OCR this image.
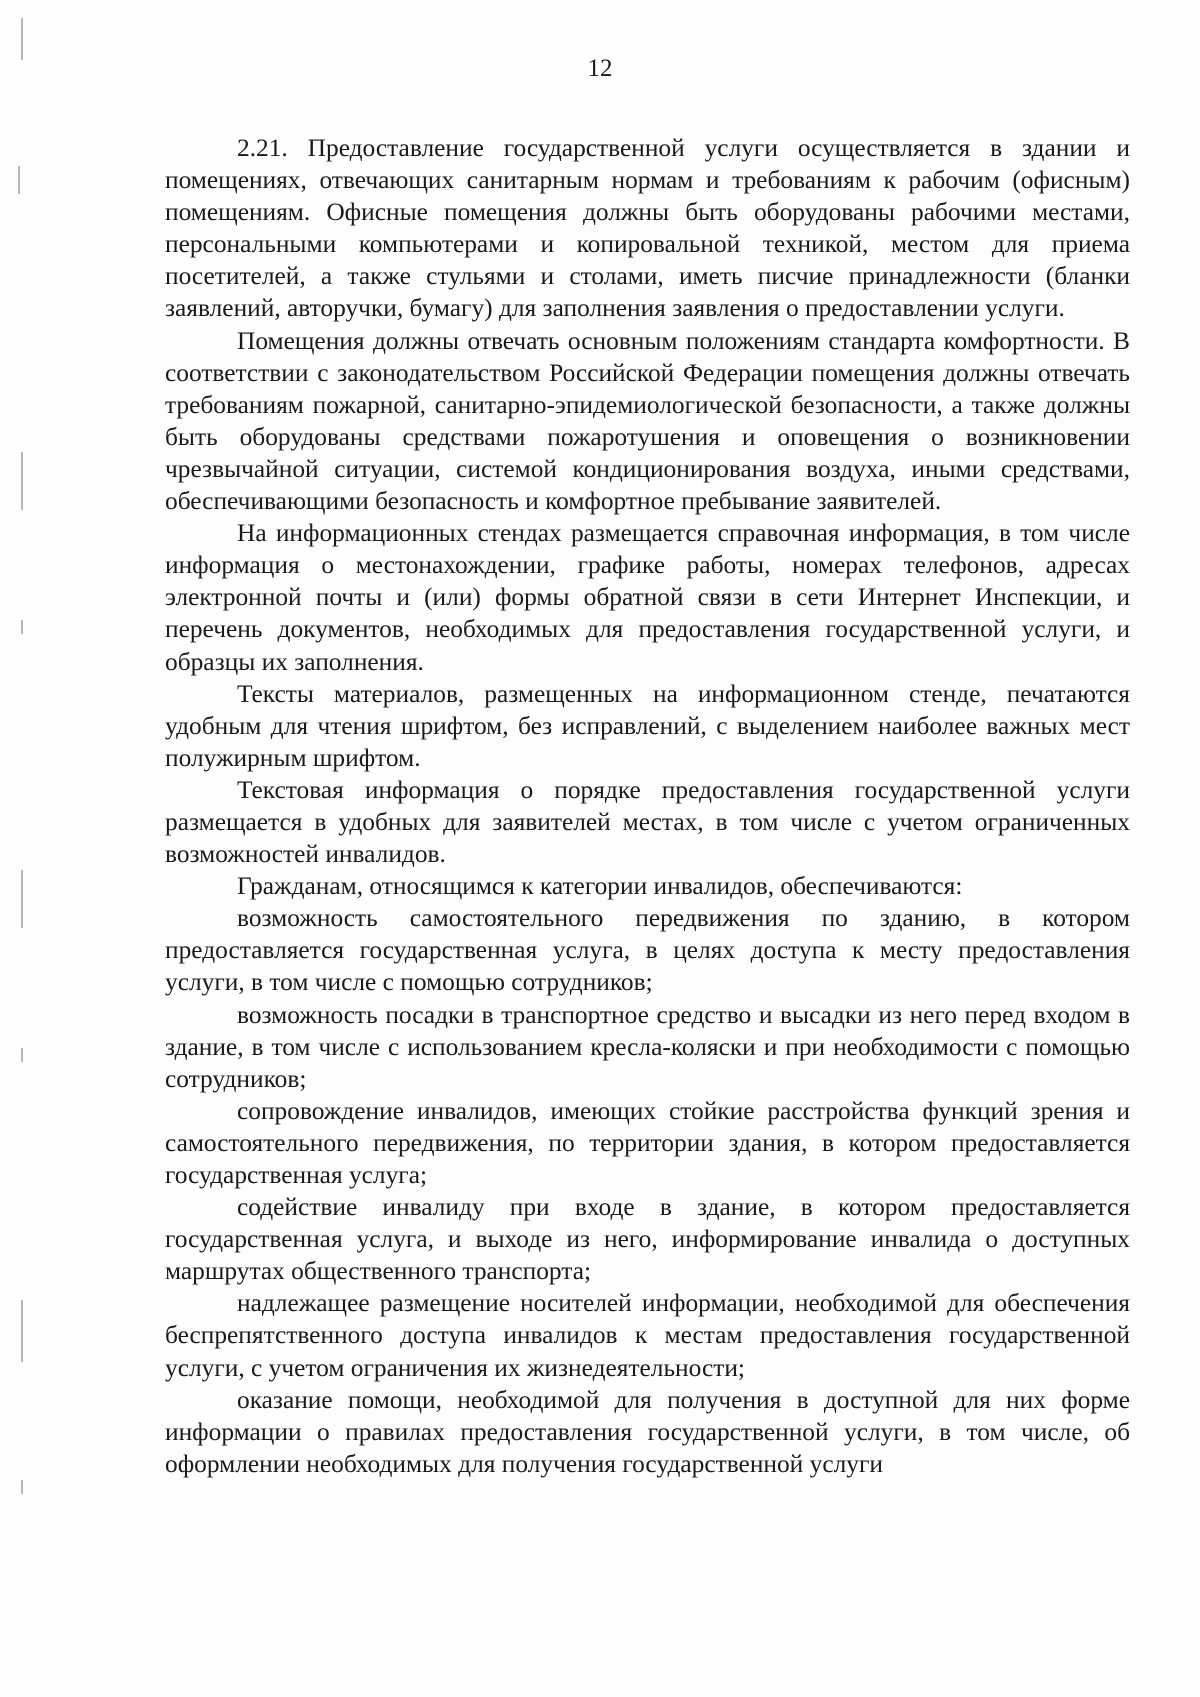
12

2.21. Предоставление государственной услуги осуществляется в здании и помещениях, отвечающих санитарным нормам и требованиям к рабочим (офисным) помещениям. Офисные помещения должны быть оборудованы рабочими местами, персональными компьютерами и копировальной техникой, местом для приема посетителей, а также стульями и столами, иметь писчие принадлежности (бланки заявлений, авторучки, бумагу) для заполнения заявления о предоставлении услуги.

Помещения должны отвечать основным положениям стандарта комфортности. В соответствии с законодательством Российской Федерации помещения должны отвечать требованиям пожарной, санитарно-эпидемиологической безопасности, а также должны быть оборудованы средствами пожаротушения и оповещения о возникновении чрезвычайной ситуации, системой кондиционирования воздуха, иными средствами, обеспечивающими безопасность и комфортное пребывание заявителей.

На информационных стендах размещается справочная информация, в том числе информация о местонахождении, графике работы, номерах телефонов, адресах электронной почты и (или) формы обратной связи в сети Интернет Инспекции, и перечень документов, необходимых для предоставления государственной услуги, и образцы их заполнения.

Тексты материалов, размещенных на информационном стенде, печатаются удобным для чтения шрифтом, без исправлений, с выделением наиболее важных мест полужирным шрифтом.

Текстовая информация о порядке предоставления государственной услуги размещается в удобных для заявителей местах, в том числе с учетом ограниченных возможностей инвалидов.

Гражданам, относящимся к категории инвалидов, обеспечиваются:

возможность самостоятельного передвижения по зданию, в котором предоставляется государственная услуга, в целях доступа к месту предоставления услуги, в том числе с помощью сотрудников;

возможность посадки в транспортное средство и высадки из него перед входом в здание, в том числе с использованием кресла-коляски и при необходимости с помощью сотрудников;

сопровождение инвалидов, имеющих стойкие расстройства функций зрения и самостоятельного передвижения, по территории здания, в котором предоставляется государственная услуга;

содействие инвалиду при входе в здание, в котором предоставляется государственная услуга, и выходе из него, информирование инвалида о доступных маршрутах общественного транспорта;

надлежащее размещение носителей информации, необходимой для обеспечения беспрепятственного доступа инвалидов к местам предоставления государственной услуги, с учетом ограничения их жизнедеятельности;

оказание помощи, необходимой для получения в доступной для них форме информации о правилах предоставления государственной услуги, в том числе, об оформлении необходимых для получения государственной услуги
